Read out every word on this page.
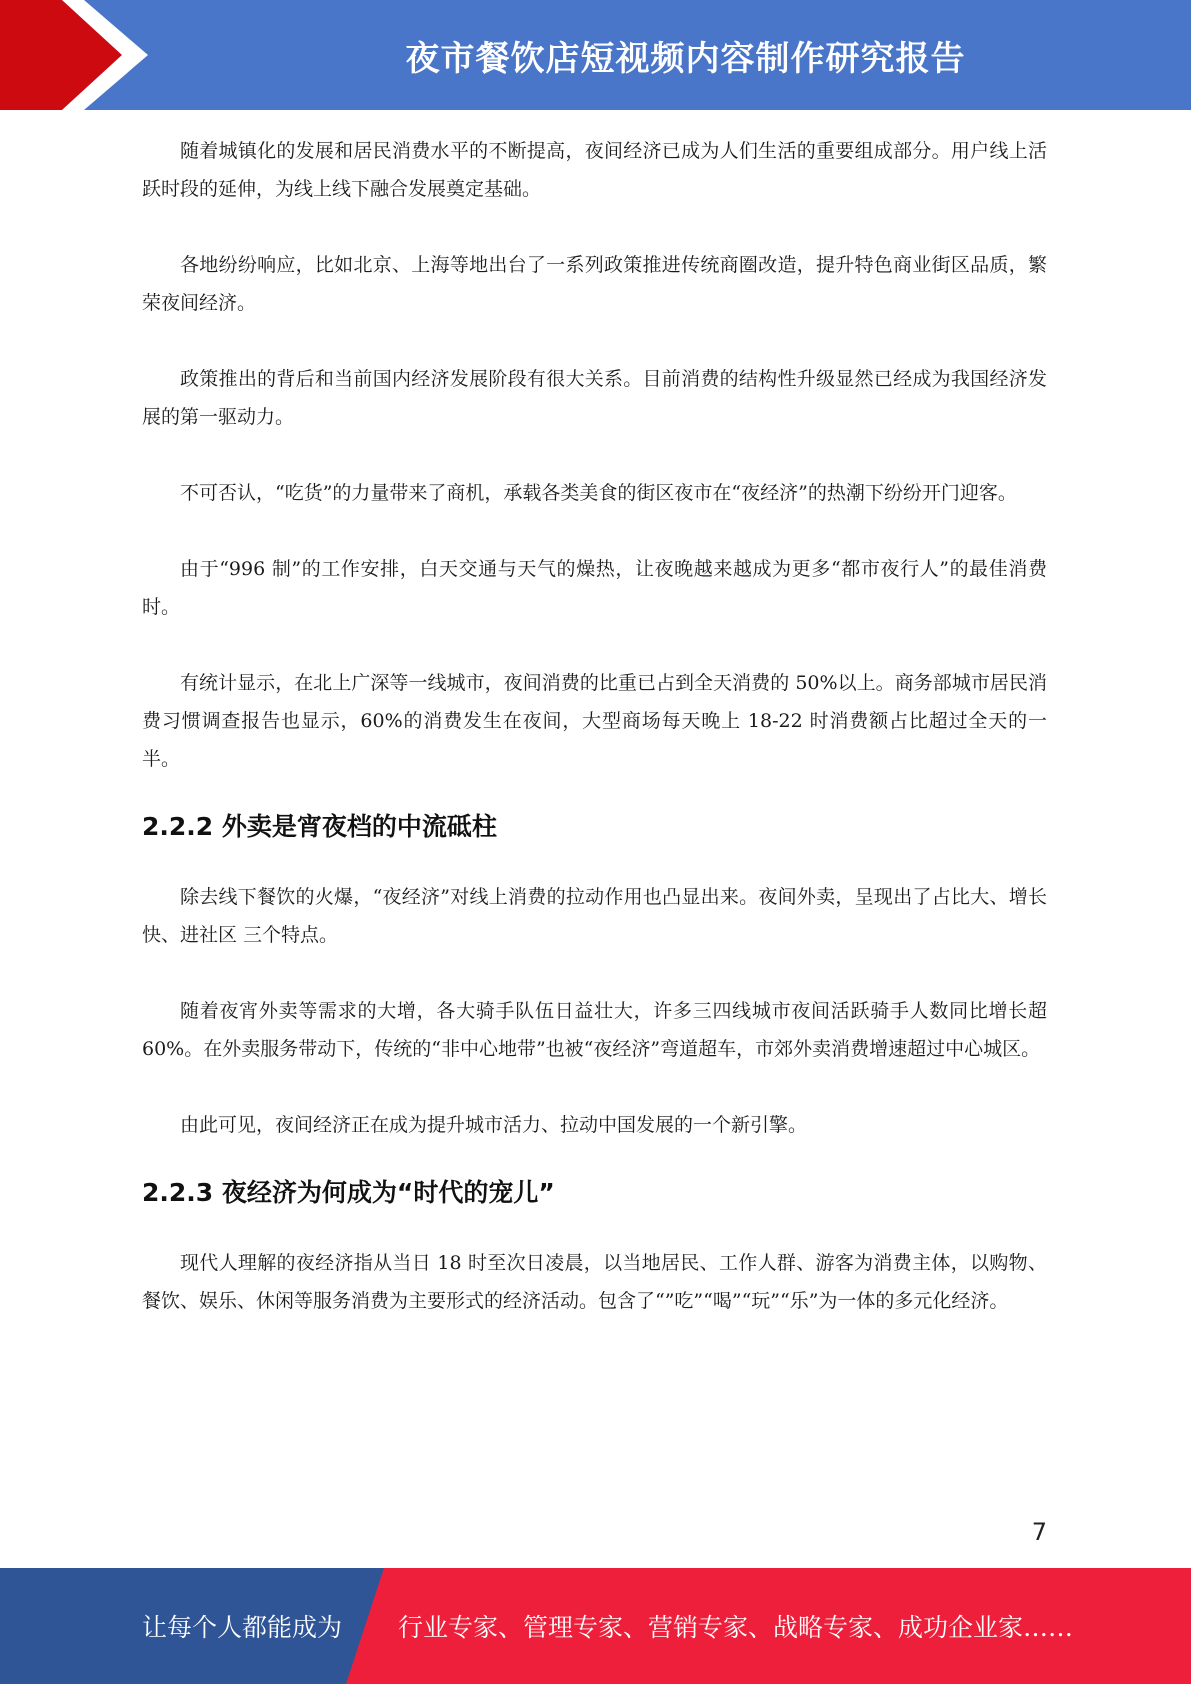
夜市餐饮店短视频内容制作研究报告

随着城镇化的发展和居民消费水平的不断提高，夜间经济已成为人们生活的重要组成部分。用户线上活跃时段的延伸，为线上线下融合发展奠定基础。

各地纷纷响应，比如北京、上海等地出台了一系列政策推进传统商圈改造，提升特色商业街区品质，繁荣夜间经济。

政策推出的背后和当前国内经济发展阶段有很大关系。目前消费的结构性升级显然已经成为我国经济发展的第一驱动力。

不可否认，“吃货”的力量带来了商机，承载各类美食的街区夜市在“夜经济”的热潮下纷纷开门迎客。

由于“996 制”的工作安排，白天交通与天气的燥热，让夜晚越来越成为更多“都市夜行人”的最佳消费时。

有统计显示，在北上广深等一线城市，夜间消费的比重已占到全天消费的 50%以上。商务部城市居民消费习惯调查报告也显示，60%的消费发生在夜间，大型商场每天晚上 18-22 时消费额占比超过全天的一半。

2.2.2 外卖是宵夜档的中流砥柱

除去线下餐饮的火爆，“夜经济”对线上消费的拉动作用也凸显出来。夜间外卖，呈现出了占比大、增长快、进社区 三个特点。

随着夜宵外卖等需求的大增，各大骑手队伍日益壮大，许多三四线城市夜间活跃骑手人数同比增长超 60%。在外卖服务带动下，传统的“非中心地带”也被“夜经济”弯道超车，市郊外卖消费增速超过中心城区。

由此可见，夜间经济正在成为提升城市活力、拉动中国发展的一个新引擎。

2.2.3 夜经济为何成为“时代的宠儿”

现代人理解的夜经济指从当日 18 时至次日凌晨，以当地居民、工作人群、游客为消费主体，以购物、餐饮、娱乐、休闲等服务消费为主要形式的经济活动。包含了“”吃”“喝”“玩”“乐”为一体的多元化经济。

7
让每个人都能成为 行业专家、管理专家、营销专家、战略专家、成功企业家……
